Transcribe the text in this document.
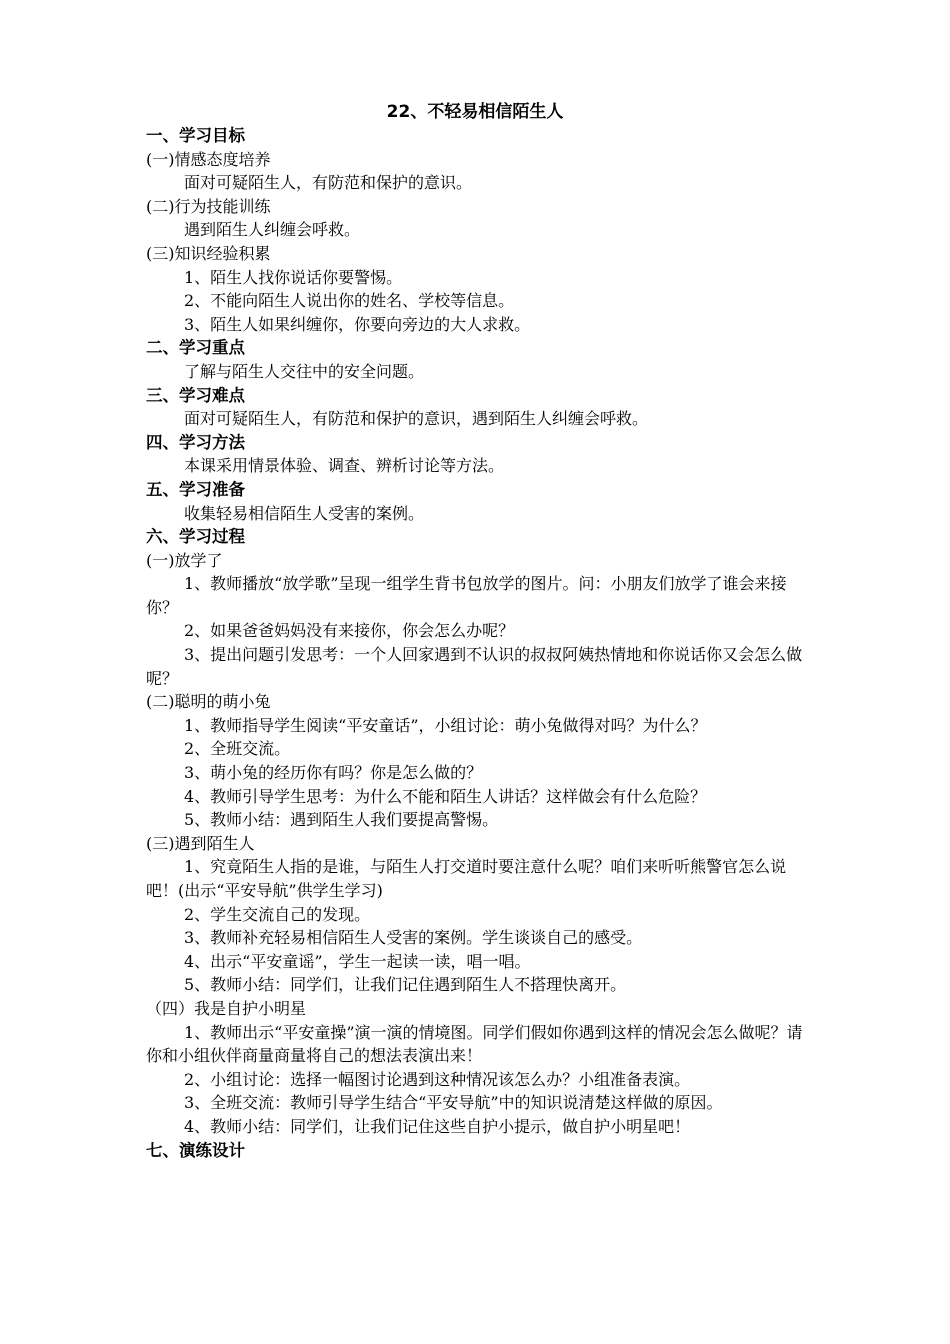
22、不轻易相信陌生人
一、学习目标
(一)情感态度培养
面对可疑陌生人，有防范和保护的意识。
(二)行为技能训练
遇到陌生人纠缠会呼救。
(三)知识经验积累
1、陌生人找你说话你要警惕。
2、不能向陌生人说出你的姓名、学校等信息。
3、陌生人如果纠缠你，你要向旁边的大人求救。
二、学习重点
了解与陌生人交往中的安全问题。
三、学习难点
面对可疑陌生人，有防范和保护的意识，遇到陌生人纠缠会呼救。
四、学习方法
本课采用情景体验、调查、辨析讨论等方法。
五、学习准备
收集轻易相信陌生人受害的案例。
六、学习过程
(一)放学了
1、教师播放“放学歌”呈现一组学生背书包放学的图片。问：小朋友们放学了谁会来接你？
2、如果爸爸妈妈没有来接你，你会怎么办呢？
3、提出问题引发思考：一个人回家遇到不认识的叔叔阿姨热情地和你说话你又会怎么做呢？
(二)聪明的萌小兔
1、教师指导学生阅读“平安童话”，小组讨论：萌小兔做得对吗？为什么？
2、全班交流。
3、萌小兔的经历你有吗？你是怎么做的？
4、教师引导学生思考：为什么不能和陌生人讲话？这样做会有什么危险？
5、教师小结：遇到陌生人我们要提高警惕。
(三)遇到陌生人
1、究竟陌生人指的是谁，与陌生人打交道时要注意什么呢？咱们来听听熊警官怎么说吧！(出示“平安导航”供学生学习)
2、学生交流自己的发现。
3、教师补充轻易相信陌生人受害的案例。学生谈谈自己的感受。
4、出示“平安童谣”，学生一起读一读，唱一唱。
5、教师小结：同学们，让我们记住遇到陌生人不搭理快离开。
（四）我是自护小明星
1、教师出示“平安童操”演一演的情境图。同学们假如你遇到这样的情况会怎么做呢？请你和小组伙伴商量商量将自己的想法表演出来！
2、小组讨论：选择一幅图讨论遇到这种情况该怎么办？小组准备表演。
3、全班交流：教师引导学生结合“平安导航”中的知识说清楚这样做的原因。
4、教师小结：同学们，让我们记住这些自护小提示，做自护小明星吧！
七、演练设计
